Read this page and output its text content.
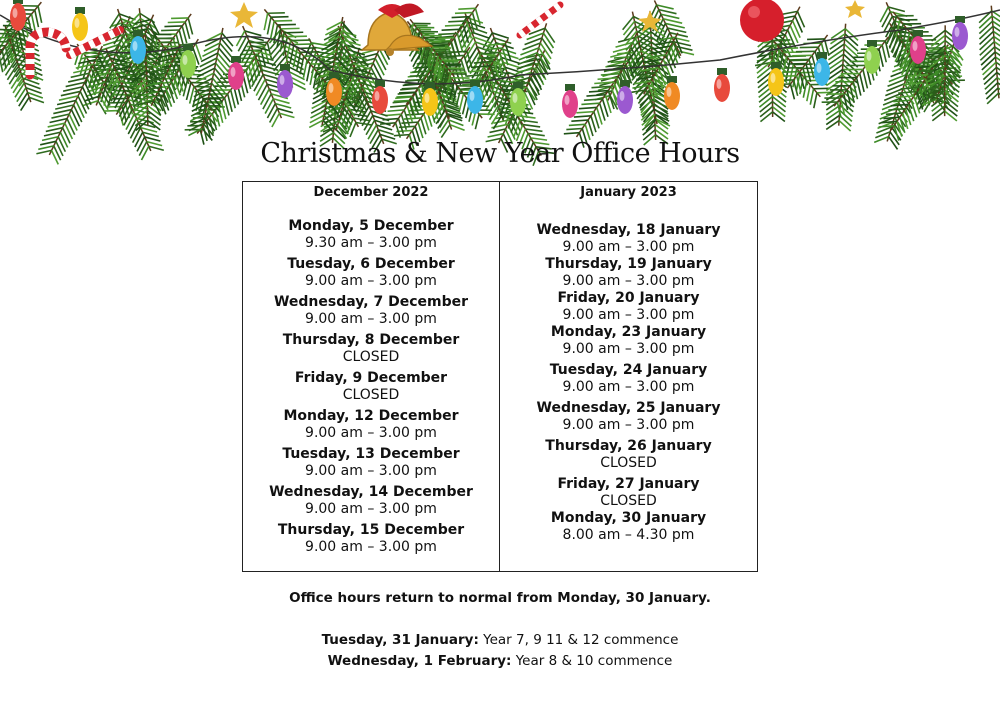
Christmas & New Year Office Hours
December 2022
Monday, 5 December
9.30 am – 3.00 pm
Tuesday, 6 December
9.00 am – 3.00 pm
Wednesday, 7 December
9.00 am – 3.00 pm
Thursday, 8 December
CLOSED
Friday, 9 December
CLOSED
Monday, 12 December
9.00 am – 3.00 pm
Tuesday, 13 December
9.00 am – 3.00 pm
Wednesday, 14 December
9.00 am – 3.00 pm
Thursday, 15 December
9.00 am – 3.00 pm
January 2023
Wednesday, 18 January
9.00 am – 3.00 pm
Thursday, 19 January
9.00 am – 3.00 pm
Friday, 20 January
9.00 am – 3.00 pm
Monday, 23 January
9.00 am – 3.00 pm
Tuesday, 24 January
9.00 am – 3.00 pm
Wednesday, 25 January
9.00 am – 3.00 pm
Thursday, 26 January
CLOSED
Friday, 27 January
CLOSED
Monday, 30 January
8.00 am – 4.30 pm
Office hours return to normal from Monday, 30 January.
Tuesday, 31 January: Year 7, 9 11 & 12 commence
Wednesday, 1 February: Year 8 & 10 commence
